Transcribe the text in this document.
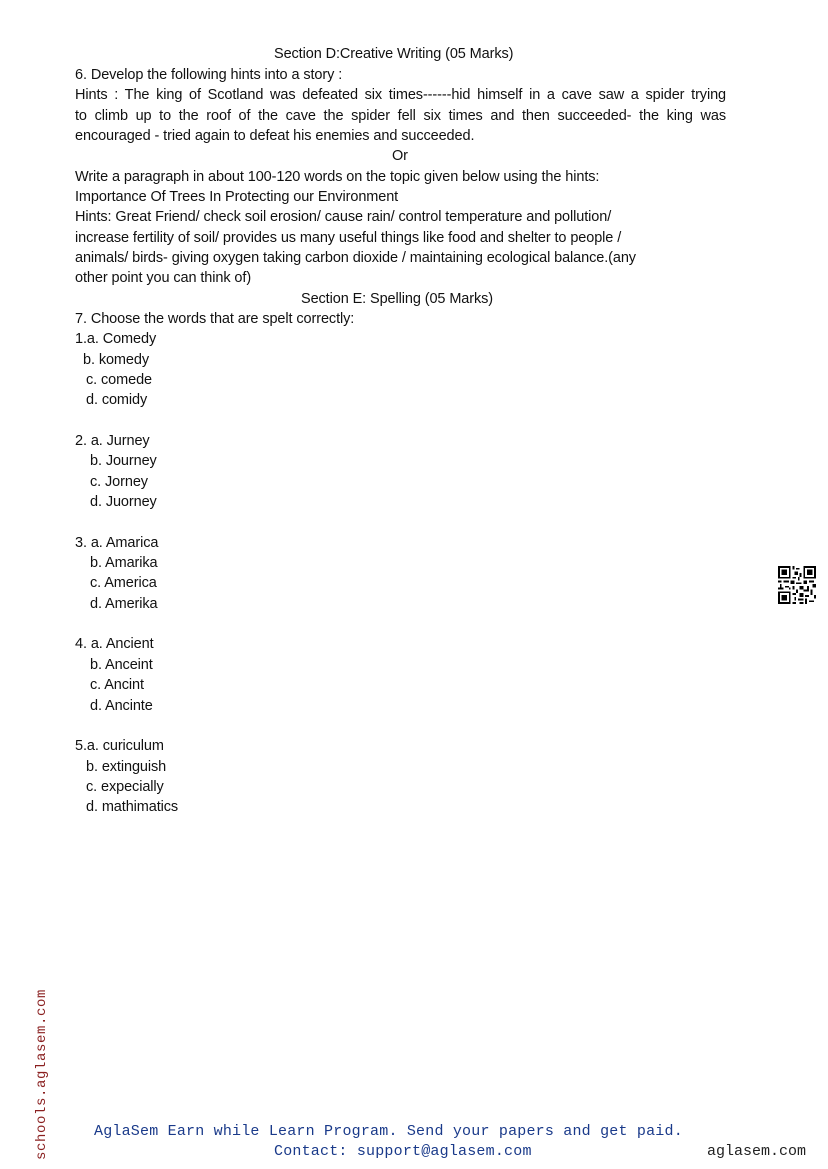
Section D:Creative Writing (05 Marks)
6. Develop the following hints into a story :
Hints : The king of Scotland was defeated six times------hid himself in a cave saw a spider trying
to climb up to the roof of the cave the spider fell six times and then succeeded- the king was
encouraged - tried again to defeat his enemies and succeeded.
Or
Write a paragraph in about 100-120 words on the topic given below using the hints:
Importance Of Trees In Protecting our Environment
Hints: Great Friend/ check soil erosion/ cause rain/ control temperature and pollution/
increase fertility of soil/ provides us many useful things like food and shelter to people /
animals/ birds- giving oxygen taking carbon dioxide / maintaining ecological balance.(any
other point you can think of)
Section E: Spelling (05 Marks)
7. Choose the words that are spelt correctly:
1.a. Comedy
b. komedy
c. comede
d. comidy
2. a. Jurney
b. Journey
c. Jorney
d. Juorney
3. a. Amarica
b. Amarika
c. America
d. Amerika
4. a. Ancient
b. Anceint
c. Ancint
d. Ancinte
5.a. curiculum
b. extinguish
c. expecially
d. mathimatics
AglaSem Earn while Learn Program. Send your papers and get paid.
Contact: support@aglasem.com	aglasem.com
schools.aglasem.com
